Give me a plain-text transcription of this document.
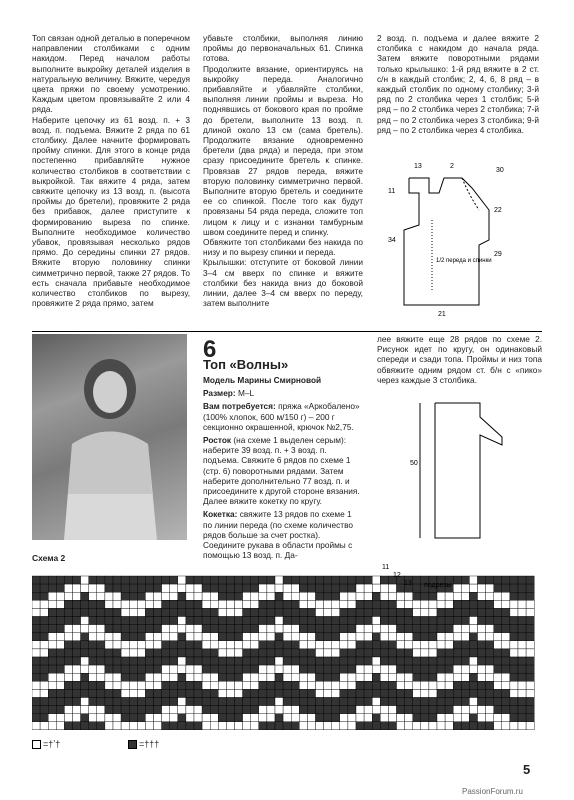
Топ связан одной деталью в поперечном направлении столбиками с одним накидом. Перед началом работы выполните выкройку деталей изделия в натуральную величину. Вяжите, чередуя цвета пряжи по своему усмотрению. Каждым цветом провязывайте 2 или 4 ряда.

Наберите цепочку из 61 возд. п. + 3 возд. п. подъема. Вяжите 2 ряда по 61 столбику. Далее начните формировать пройму спинки. Для этого в конце ряда постепенно прибавляйте нужное количество столбиков в соответствии с выкройкой. Так вяжите 4 ряда, затем свяжите цепочку из 13 возд. п. (высота проймы до бретели), провяжите 2 ряда без прибавок, далее приступите к формированию выреза по спинке. Выполните необходимое количество убавок, провязывая несколько рядов прямо. До середины спинки 27 рядов. Вяжите вторую половинку спинки симметрично первой, также 27 рядов. То есть сначала прибавьте необходимое количество столбиков по вырезу, провяжите 2 ряда прямо, затем

убавьте столбики, выполняя линию проймы до первоначальных 61. Спинка готова.

Продолжите вязание, ориентируясь на выкройку переда. Аналогично прибавляйте и убавляйте столбики, выполняя линии проймы и выреза. Но поднявшись от бокового края по пройме до бретели, выполните 13 возд. п. длиной около 13 см (сама бретель). Продолжите вязание одновременно бретели (два ряда) и переда, при этом сразу присоедините бретель к спинке. Провязав 27 рядов переда, вяжите вторую половинку симметрично первой. Выполните вторую бретель и соедините ее со спинкой. После того как будут провязаны 54 ряда переда, сложите топ лицом к лицу и с изнанки тамбурным швом соедините перед и спинку.

Обвяжите топ столбиками без накида по низу и по вырезу спинки и переда.

Крылышки: отступите от боковой линии 3–4 см вверх по спинке и вяжите столбики без накида вниз до боковой линии, далее 3–4 см вверх по переду, затем выполните

2 возд. п. подъема и далее вяжите 2 столбика с накидом до начала ряда. Затем вяжите поворотными рядами только крылышко: 1-й ряд вяжите в 2 ст. с/н в каждый столбик; 2, 4, 6, 8 ряд – в каждый столбик по одному столбику; 3-й ряд по 2 столбика через 1 столбик; 5-й ряд – по 2 столбика через 2 столбика; 7-й ряд – по 2 столбика через 3 столбика; 9-й ряд – по 2 столбика через 4 столбика.

13	2
30
11
22
34
29
21
1/2 переда и спинки
6
Топ «Волны»

Модель Марины Смирновой

Размер: M–L

Вам потребуется: пряжа «Аркобалено» (100% хлопок, 600 м/150 г) – 200 г секционно окрашенной, крючок №2,75.

Росток (на схеме 1 выделен серым): наберите 39 возд. п. + 3 возд. п. подъема. Свяжите 6 рядов по схеме 1 (стр. 6) поворотными рядами. Затем наберите дополнительно 77 возд. п. и присоедините к другой стороне вязания. Далее вяжите кокетку по кругу.

Кокетка: свяжите 13 рядов по схеме 1 по линии переда (по схеме количество рядов больше за счет ростка). Соедините рукава в области проймы с помощью 13 возд. п. Да-

лее вяжите еще 28 рядов по схеме 2. Рисунок идет по кругу, он одинаковый спереди и сзади топа. Проймы и низ топа обвяжите одним рядом ст. б/н с «пико» через каждые 3 столбика.
50
Схема 2
11
12
13 подрезы
=†ʼ†	=†††
5
PassionForum.ru
